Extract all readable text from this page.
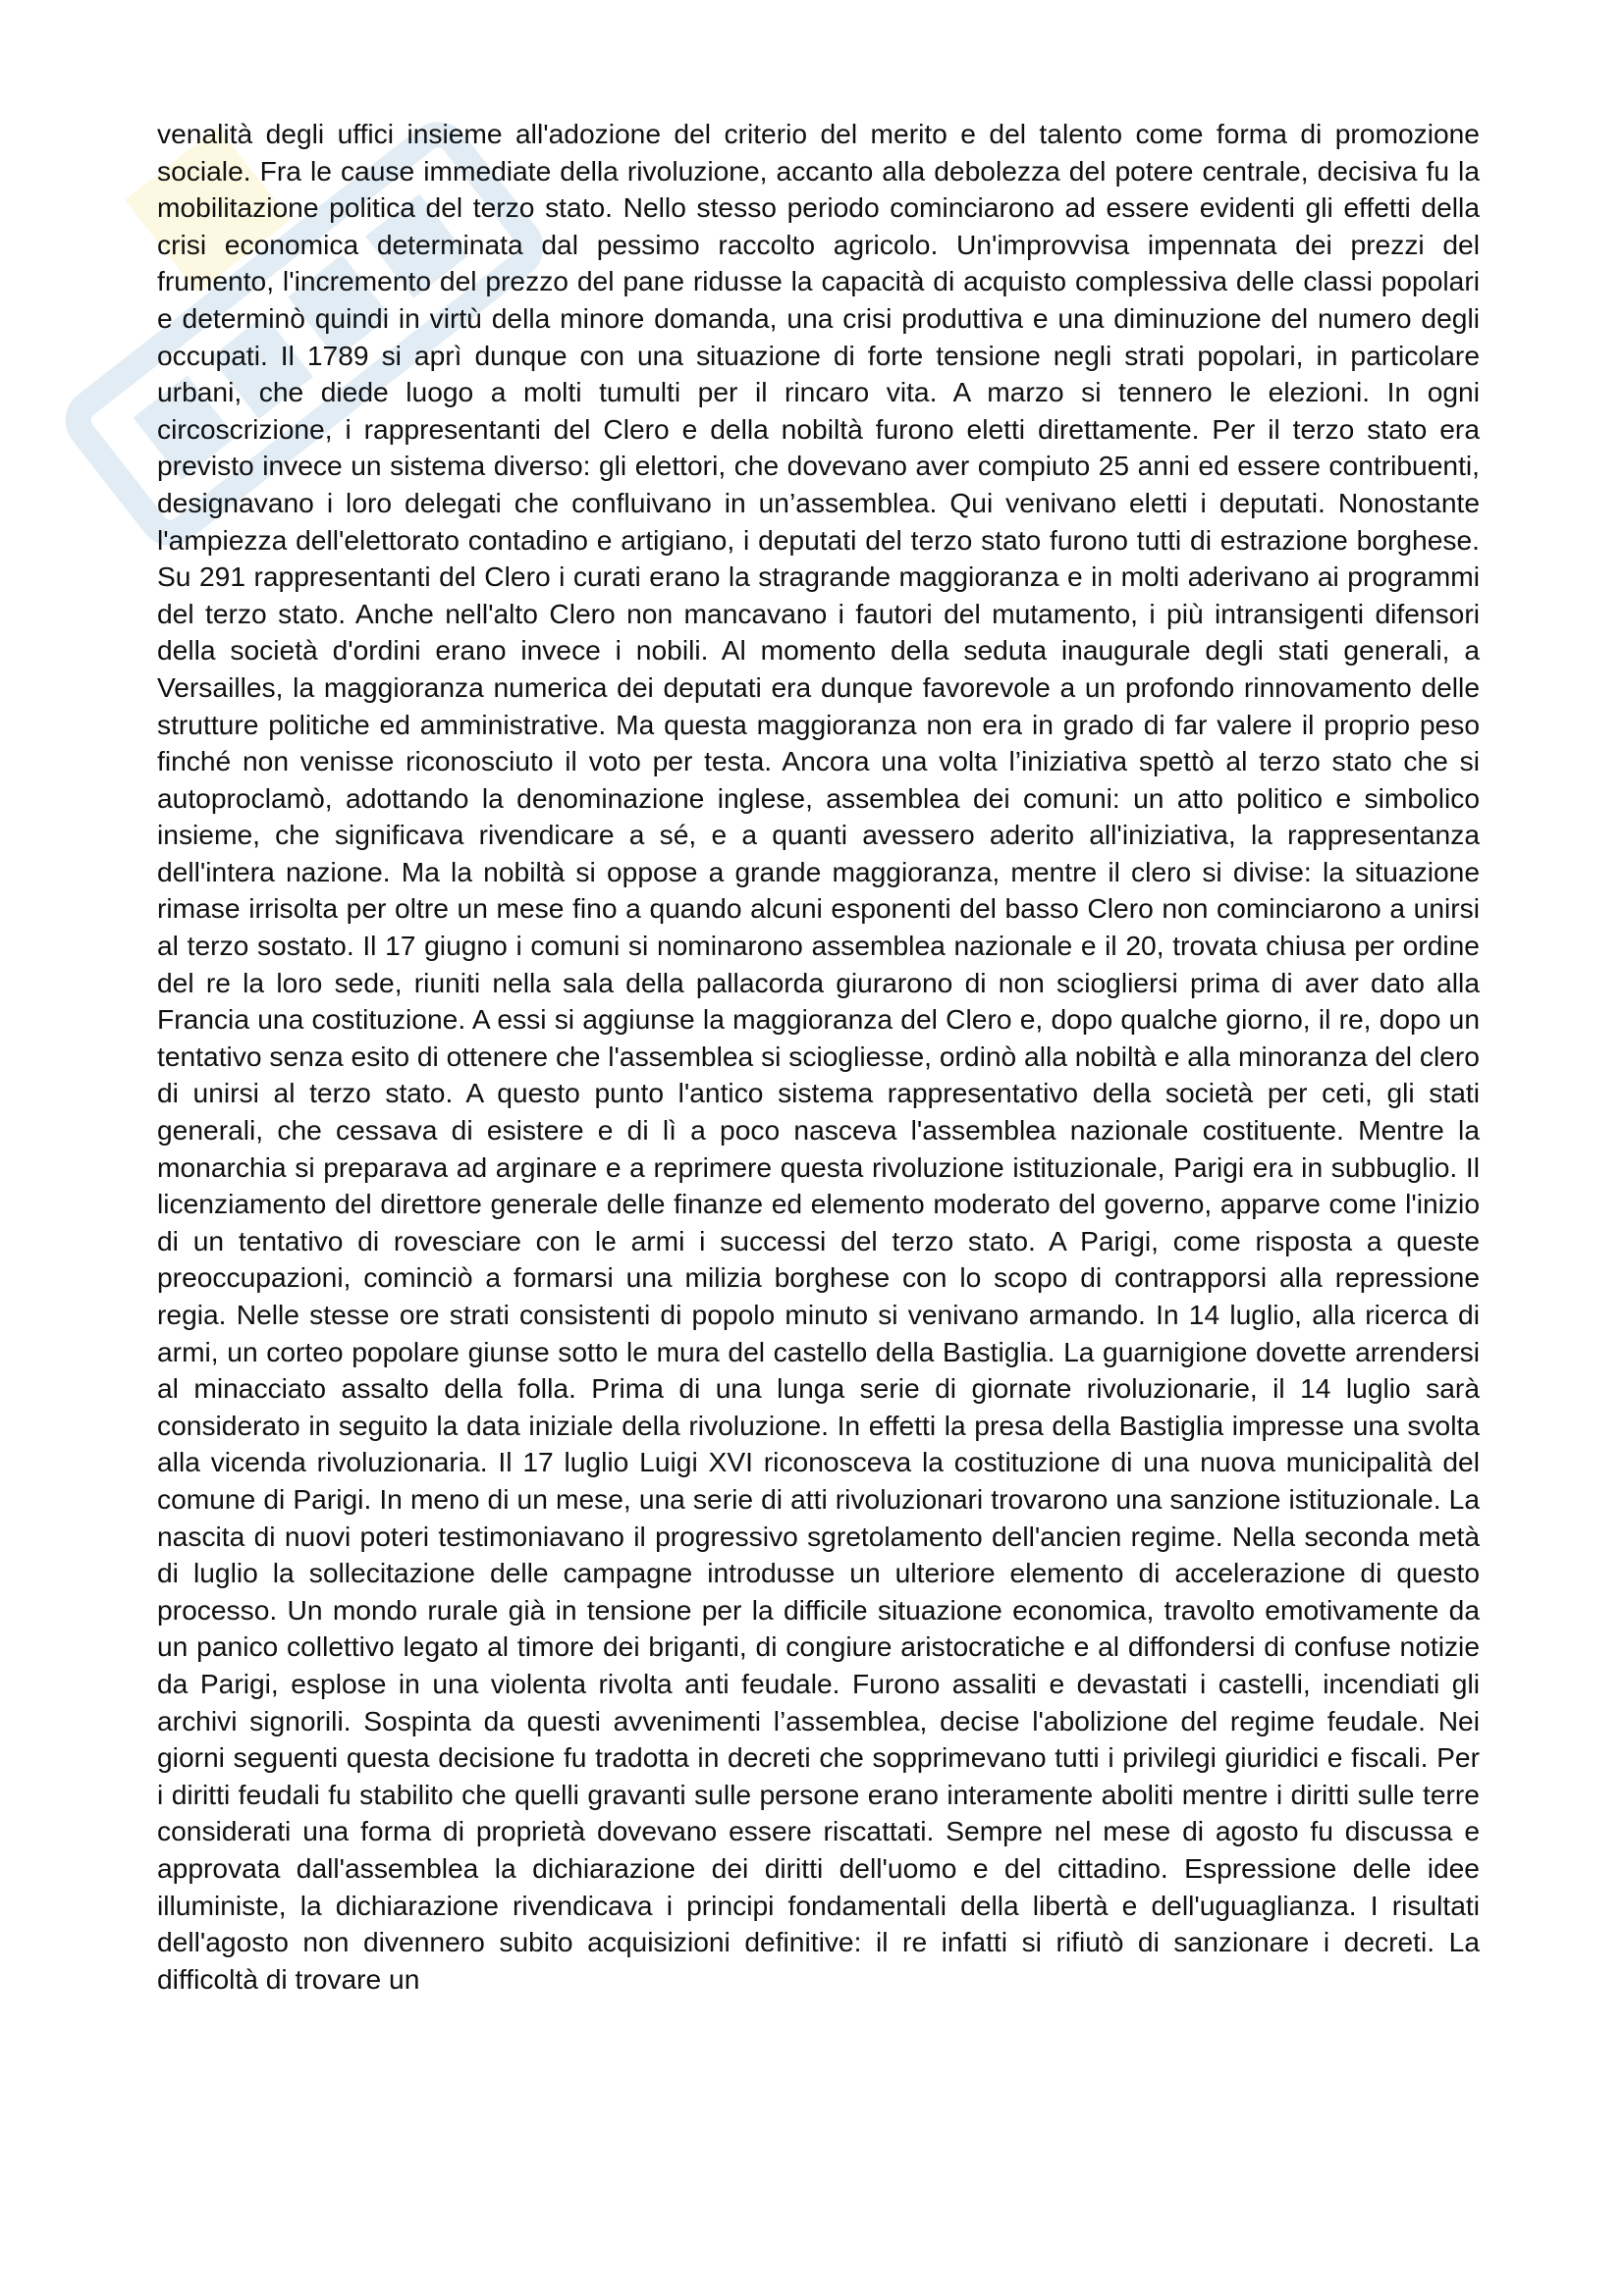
venalità degli uffici insieme all'adozione del criterio del merito e del talento come forma di promozione sociale. Fra le cause immediate della rivoluzione, accanto alla debolezza del potere centrale, decisiva fu la mobilitazione politica del terzo stato. Nello stesso periodo cominciarono ad essere evidenti gli effetti della crisi economica determinata dal pessimo raccolto agricolo. Un'improvvisa impennata dei prezzi del frumento, l'incremento del prezzo del pane ridusse la capacità di acquisto complessiva delle classi popolari e determinò quindi in virtù della minore domanda, una crisi produttiva e una diminuzione del numero degli occupati. Il 1789 si aprì dunque con una situazione di forte tensione negli strati popolari, in particolare urbani, che diede luogo a molti tumulti per il rincaro vita. A marzo si tennero le elezioni. In ogni circoscrizione, i rappresentanti del Clero e della nobiltà furono eletti direttamente. Per il terzo stato era previsto invece un sistema diverso: gli elettori, che dovevano aver compiuto 25 anni ed essere contribuenti, designavano i loro delegati che confluivano in un’assemblea. Qui venivano eletti i deputati. Nonostante l'ampiezza dell'elettorato contadino e artigiano, i deputati del terzo stato furono tutti di estrazione borghese. Su 291 rappresentanti del Clero i curati erano la stragrande maggioranza e in molti aderivano ai programmi del terzo stato. Anche nell'alto Clero non mancavano i fautori del mutamento, i più intransigenti difensori della società d'ordini erano invece i nobili. Al momento della seduta inaugurale degli stati generali, a Versailles, la maggioranza numerica dei deputati era dunque favorevole a un profondo rinnovamento delle strutture politiche ed amministrative. Ma questa maggioranza non era in grado di far valere il proprio peso finché non venisse riconosciuto il voto per testa. Ancora una volta l’iniziativa spettò al terzo stato che si autoproclamò, adottando la denominazione inglese, assemblea dei comuni: un atto politico e simbolico insieme, che significava rivendicare a sé, e a quanti avessero aderito all'iniziativa, la rappresentanza dell'intera nazione. Ma la nobiltà si oppose a grande maggioranza, mentre il clero si divise: la situazione rimase irrisolta per oltre un mese fino a quando alcuni esponenti del basso Clero non cominciarono a unirsi al terzo sostato. Il 17 giugno i comuni si nominarono assemblea nazionale e il 20, trovata chiusa per ordine del re la loro sede, riuniti nella sala della pallacorda giurarono di non sciogliersi prima di aver dato alla Francia una costituzione. A essi si aggiunse la maggioranza del Clero e, dopo qualche giorno, il re, dopo un tentativo senza esito di ottenere che l'assemblea si sciogliesse, ordinò alla nobiltà e alla minoranza del clero di unirsi al terzo stato. A questo punto l'antico sistema rappresentativo della società per ceti, gli stati generali, che cessava di esistere e di lì a poco nasceva l'assemblea nazionale costituente. Mentre la monarchia si preparava ad arginare e a reprimere questa rivoluzione istituzionale, Parigi era in subbuglio. Il licenziamento del direttore generale delle finanze ed elemento moderato del governo, apparve come l'inizio di un tentativo di rovesciare con le armi i successi del terzo stato. A Parigi, come risposta a queste preoccupazioni, cominciò a formarsi una milizia borghese con lo scopo di contrapporsi alla repressione regia. Nelle stesse ore strati consistenti di popolo minuto si venivano armando. In 14 luglio, alla ricerca di armi, un corteo popolare giunse sotto le mura del castello della Bastiglia. La guarnigione dovette arrendersi al minacciato assalto della folla. Prima di una lunga serie di giornate rivoluzionarie, il 14 luglio sarà considerato in seguito la data iniziale della rivoluzione. In effetti la presa della Bastiglia impresse una svolta alla vicenda rivoluzionaria. Il 17 luglio Luigi XVI riconosceva la costituzione di una nuova municipalità del comune di Parigi. In meno di un mese, una serie di atti rivoluzionari trovarono una sanzione istituzionale. La nascita di nuovi poteri testimoniavano il progressivo sgretolamento dell'ancien regime. Nella seconda metà di luglio la sollecitazione delle campagne introdusse un ulteriore elemento di accelerazione di questo processo. Un mondo rurale già in tensione per la difficile situazione economica, travolto emotivamente da un panico collettivo legato al timore dei briganti, di congiure aristocratiche e al diffondersi di confuse notizie da Parigi, esplose in una violenta rivolta anti feudale. Furono assaliti e devastati i castelli, incendiati gli archivi signorili. Sospinta da questi avvenimenti l’assemblea, decise l'abolizione del regime feudale. Nei giorni seguenti questa decisione fu tradotta in decreti che sopprimevano tutti i privilegi giuridici e fiscali. Per i diritti feudali fu stabilito che quelli gravanti sulle persone erano interamente aboliti mentre i diritti sulle terre considerati una forma di proprietà dovevano essere riscattati. Sempre nel mese di agosto fu discussa e approvata dall'assemblea la dichiarazione dei diritti dell'uomo e del cittadino. Espressione delle idee illuministe, la dichiarazione rivendicava i principi fondamentali della libertà e dell'uguaglianza. I risultati dell'agosto non divennero subito acquisizioni definitive: il re infatti si rifiutò di sanzionare i decreti. La difficoltà di trovare un
